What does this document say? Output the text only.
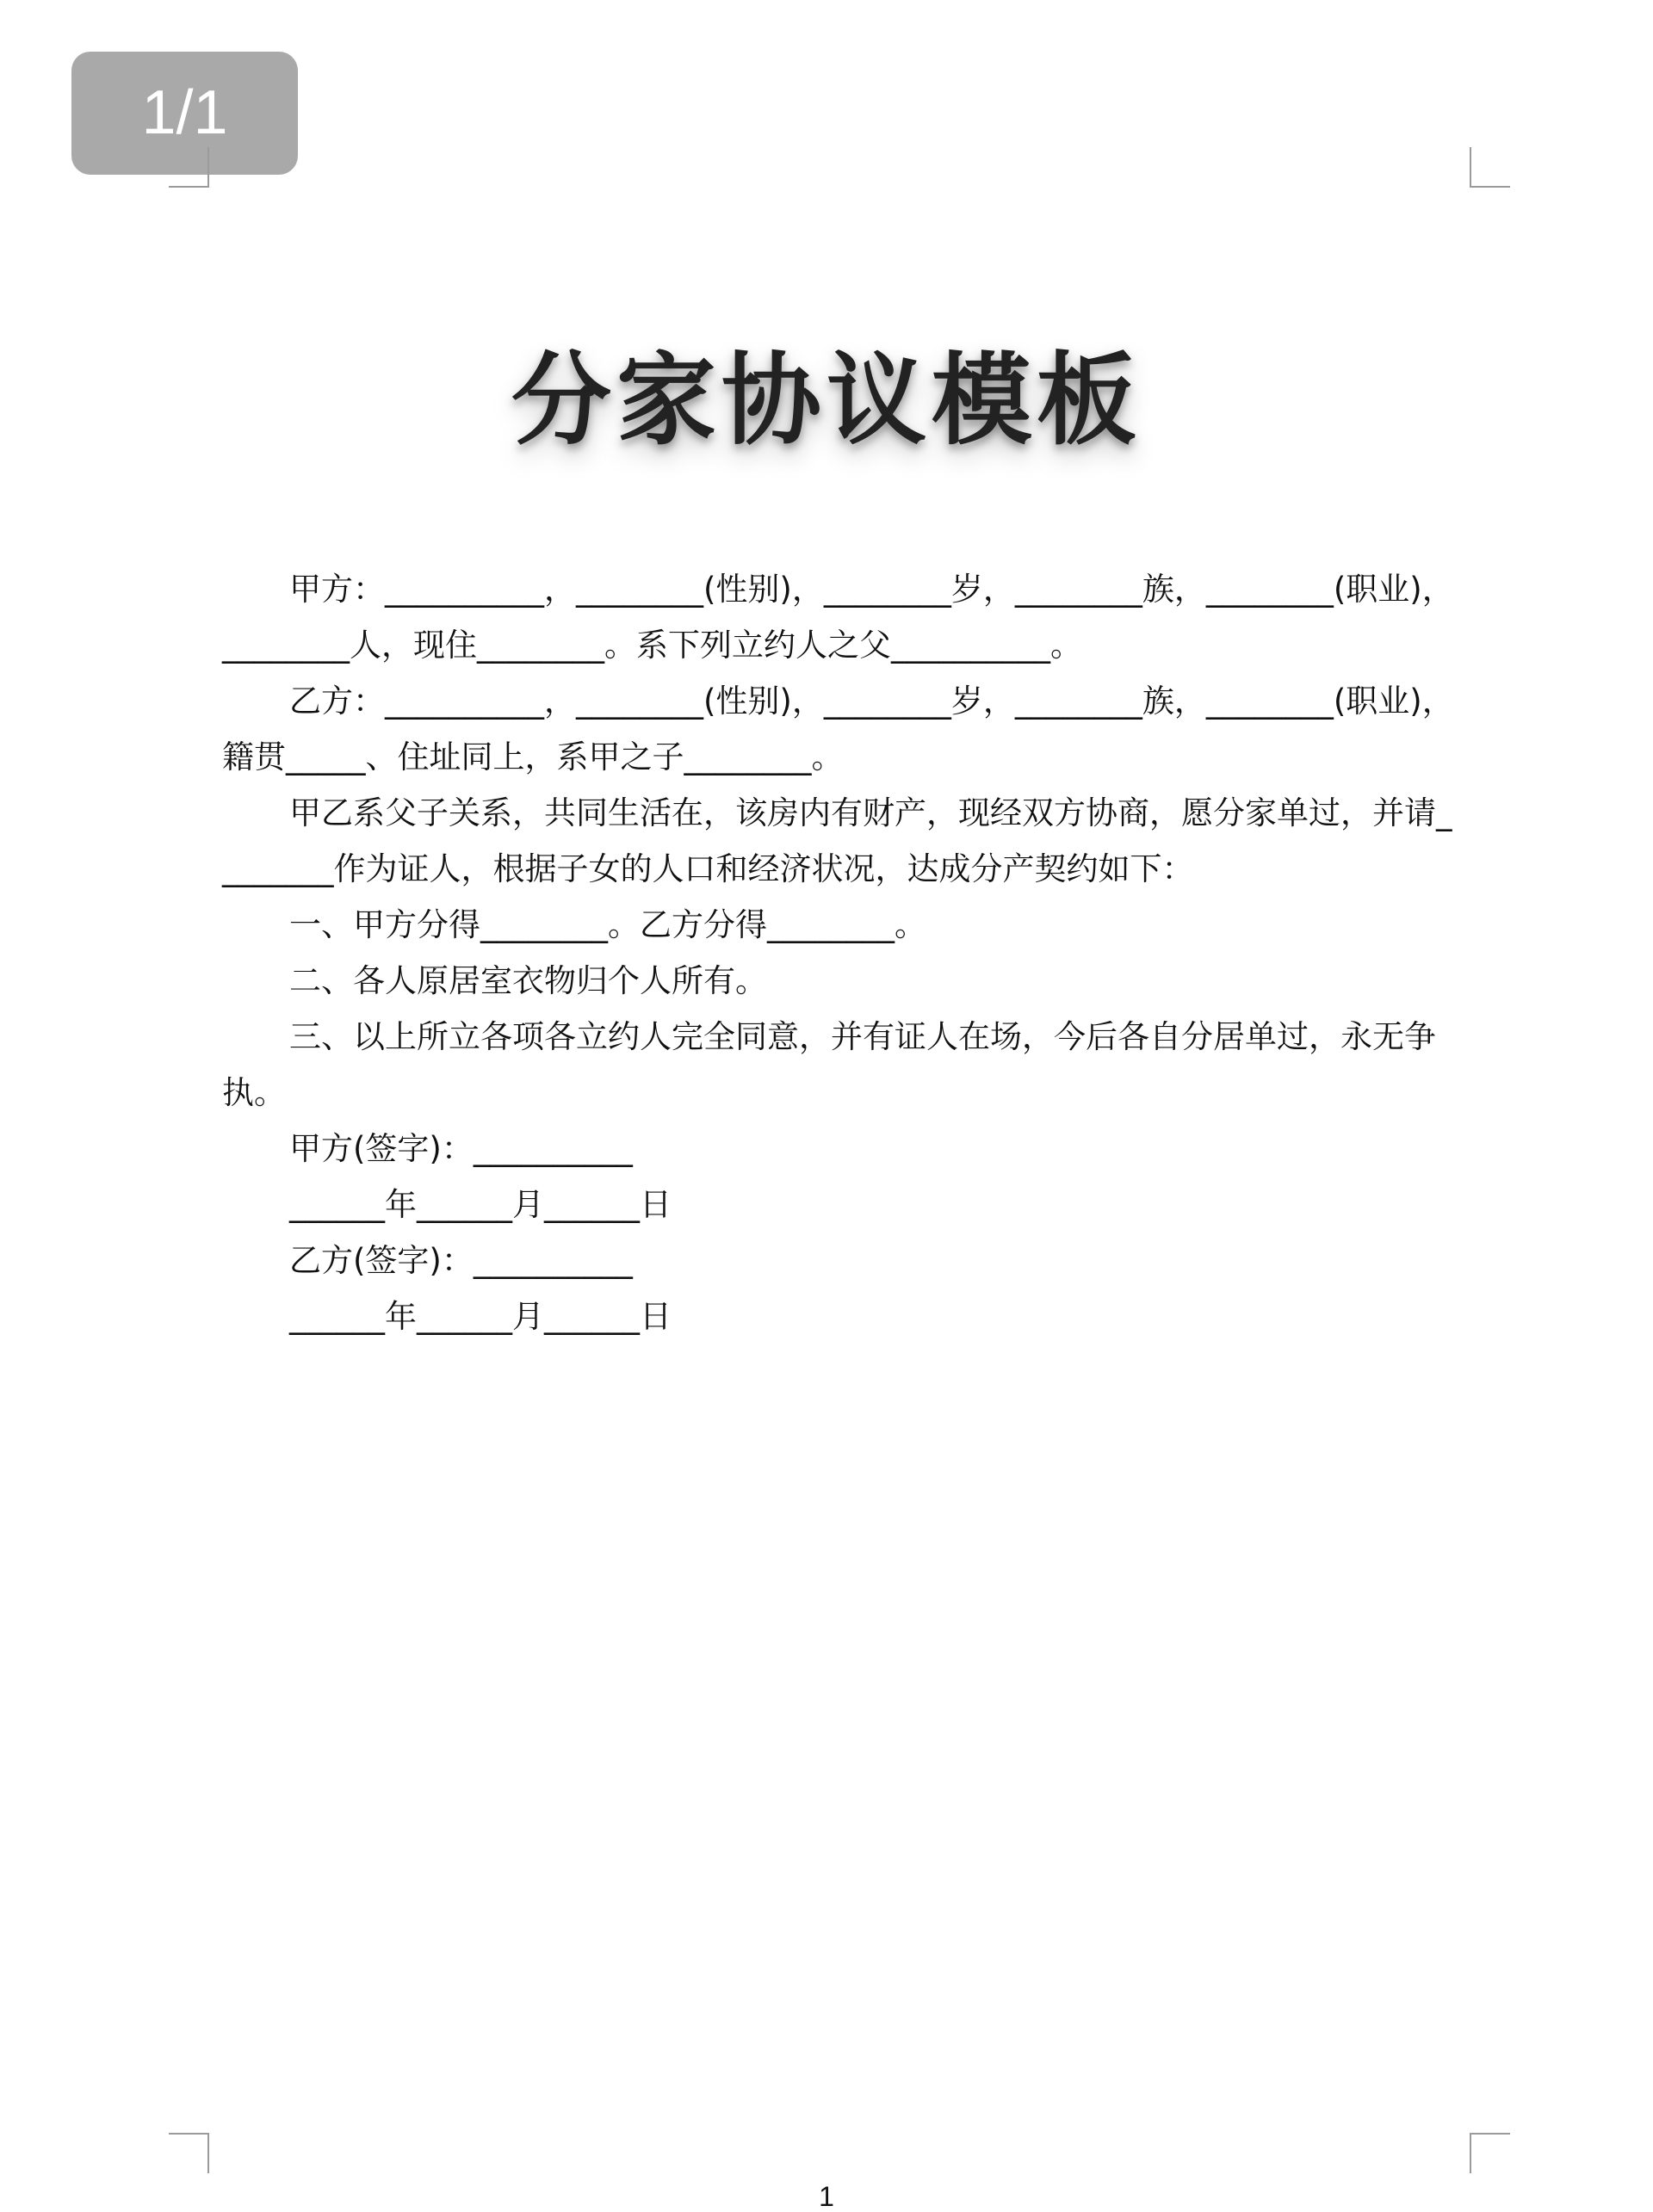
1/1
分家协议模板

甲方：__________，________(性别)，________岁，________族，________(职业)，________人，现住________。系下列立约人之父__________。

乙方：__________，________(性别)，________岁，________族，________(职业)，籍贯_____、住址同上，系甲之子________。

甲乙系父子关系，共同生活在，该房内有财产，现经双方协商，愿分家单过，并请________作为证人，根据子女的人口和经济状况，达成分产契约如下：

一、甲方分得________。乙方分得________。

二、各人原居室衣物归个人所有。

三、以上所立各项各立约人完全同意，并有证人在场，今后各自分居单过，永无争执。

甲方(签字)：__________

______年______月______日

乙方(签字)：__________

______年______月______日

1
